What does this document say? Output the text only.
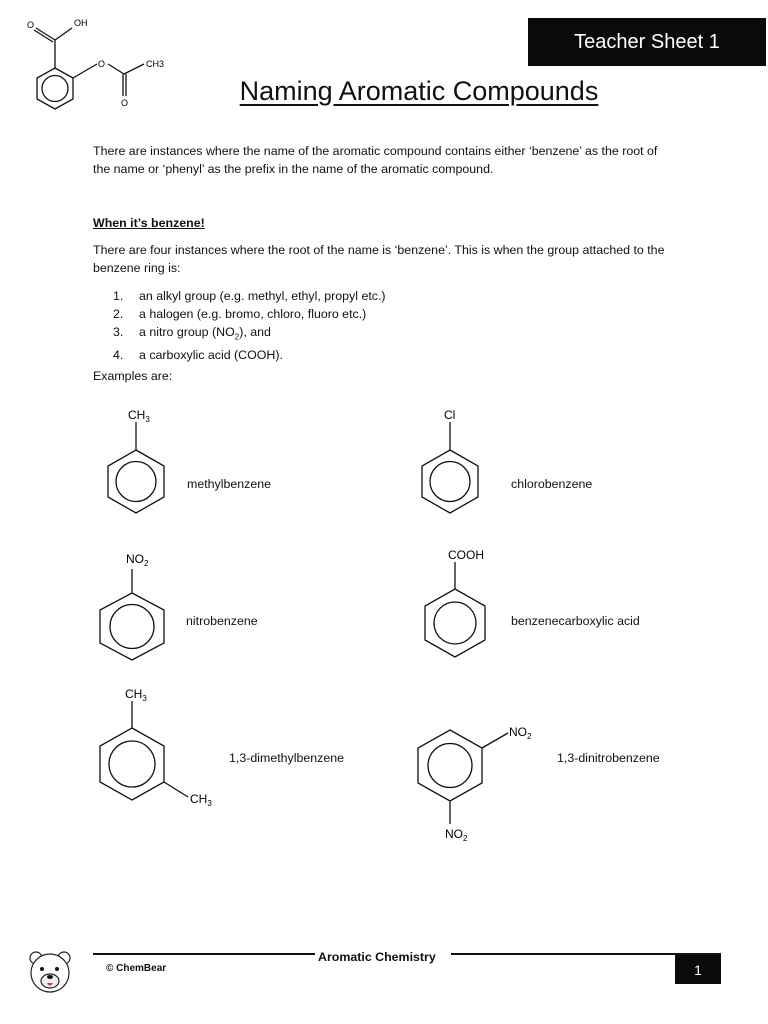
O	OH
O
O
CH3
Teacher Sheet 1
Naming Aromatic Compounds
There are instances where the name of the aromatic compound contains either ‘benzene’ as the root of the name or ‘phenyl’ as the prefix in the name of the aromatic compound.
When it’s benzene!
There are four instances where the root of the name is ‘benzene’. This is when the group attached to the benzene ring is:
1.	an alkyl group (e.g. methyl, ethyl, propyl etc.)
2.	a halogen (e.g. bromo, chloro, fluoro etc.)
3.	a nitro group $(NO_2)$, and
4.	a carboxylic acid (COOH).
Examples are:
$CH_3$
methylbenzene
Cl
chlorobenzene
$NO_2$
nitrobenzene
COOH
benzenecarboxylic acid
$CH_3$
$CH_3$
1,3-dimethylbenzene
$NO_2$
$NO_2$
1,3-dinitrobenzene
Aromatic Chemistry
© ChemBear	1
